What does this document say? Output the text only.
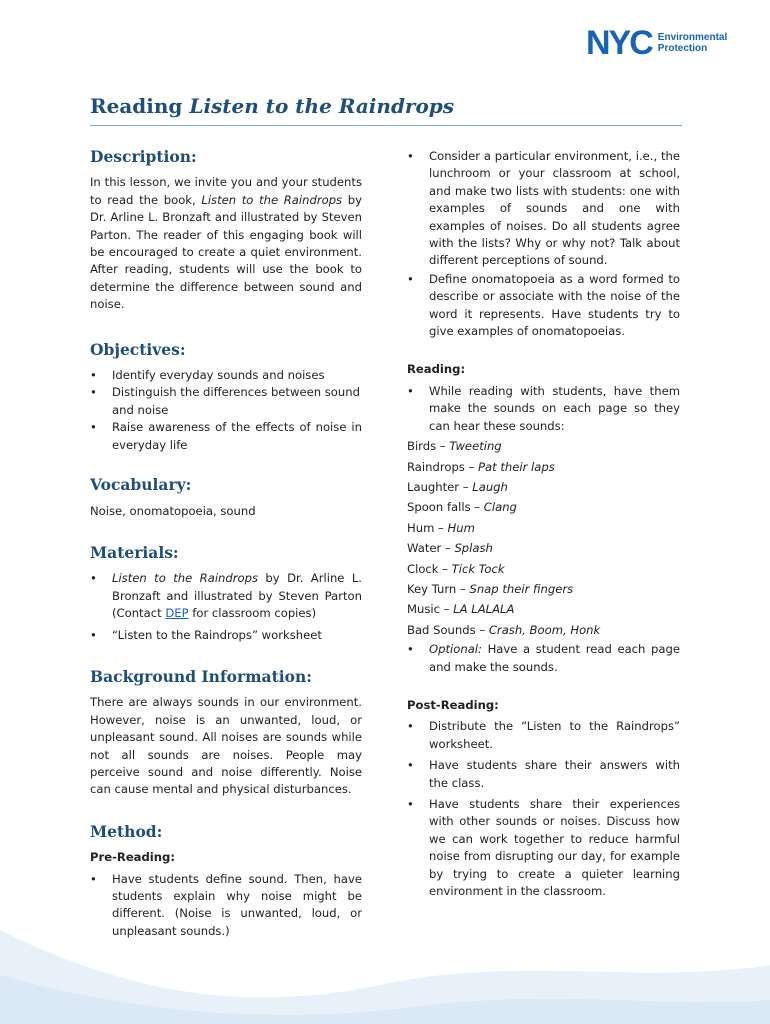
NYC Environmental
Protection
Reading Listen to the Raindrops
Description:

In this lesson, we invite you and your students to read the book, Listen to the Raindrops by Dr. Arline L. Bronzaft and illustrated by Steven Parton. The reader of this engaging book will be encouraged to create a quiet environment. After reading, students will use the book to determine the difference between sound and noise.

Objectives:
• Identify everyday sounds and noises
• Distinguish the differences between sound and noise
• Raise awareness of the effects of noise in everyday life
Vocabulary:

Noise, onomatopoeia, sound

Materials:
• Listen to the Raindrops by Dr. Arline L. Bronzaft and illustrated by Steven Parton (Contact DEP for classroom copies)
• “Listen to the Raindrops” worksheet
Background Information:

There are always sounds in our environment. However, noise is an unwanted, loud, or unpleasant sound. All noises are sounds while not all sounds are noises. People may perceive sound and noise differently. Noise can cause mental and physical disturbances.

Method:

Pre-Reading:

• Have students define sound. Then, have students explain why noise might be different. (Noise is unwanted, loud, or unpleasant sounds.)
• Consider a particular environment, i.e., the lunchroom or your classroom at school, and make two lists with students: one with examples of sounds and one with examples of noises. Do all students agree with the lists? Why or why not? Talk about different perceptions of sound.
• Define onomatopoeia as a word formed to describe or associate with the noise of the word it represents. Have students try to give examples of onomatopoeias.

Reading:

• While reading with students, have them make the sounds on each page so they can hear these sounds:
Birds – Tweeting
Raindrops – Pat their laps
Laughter – Laugh
Spoon falls – Clang
Hum – Hum
Water – Splash
Clock – Tick Tock
Key Turn – Snap their fingers
Music – LA LALALA
Bad Sounds – Crash, Boom, Honk
• Optional: Have a student read each page and make the sounds.

Post-Reading:

• Distribute the “Listen to the Raindrops” worksheet.
• Have students share their answers with the class.
• Have students share their experiences with other sounds or noises. Discuss how we can work together to reduce harmful noise from disrupting our day, for example by trying to create a quieter learning environment in the classroom.
